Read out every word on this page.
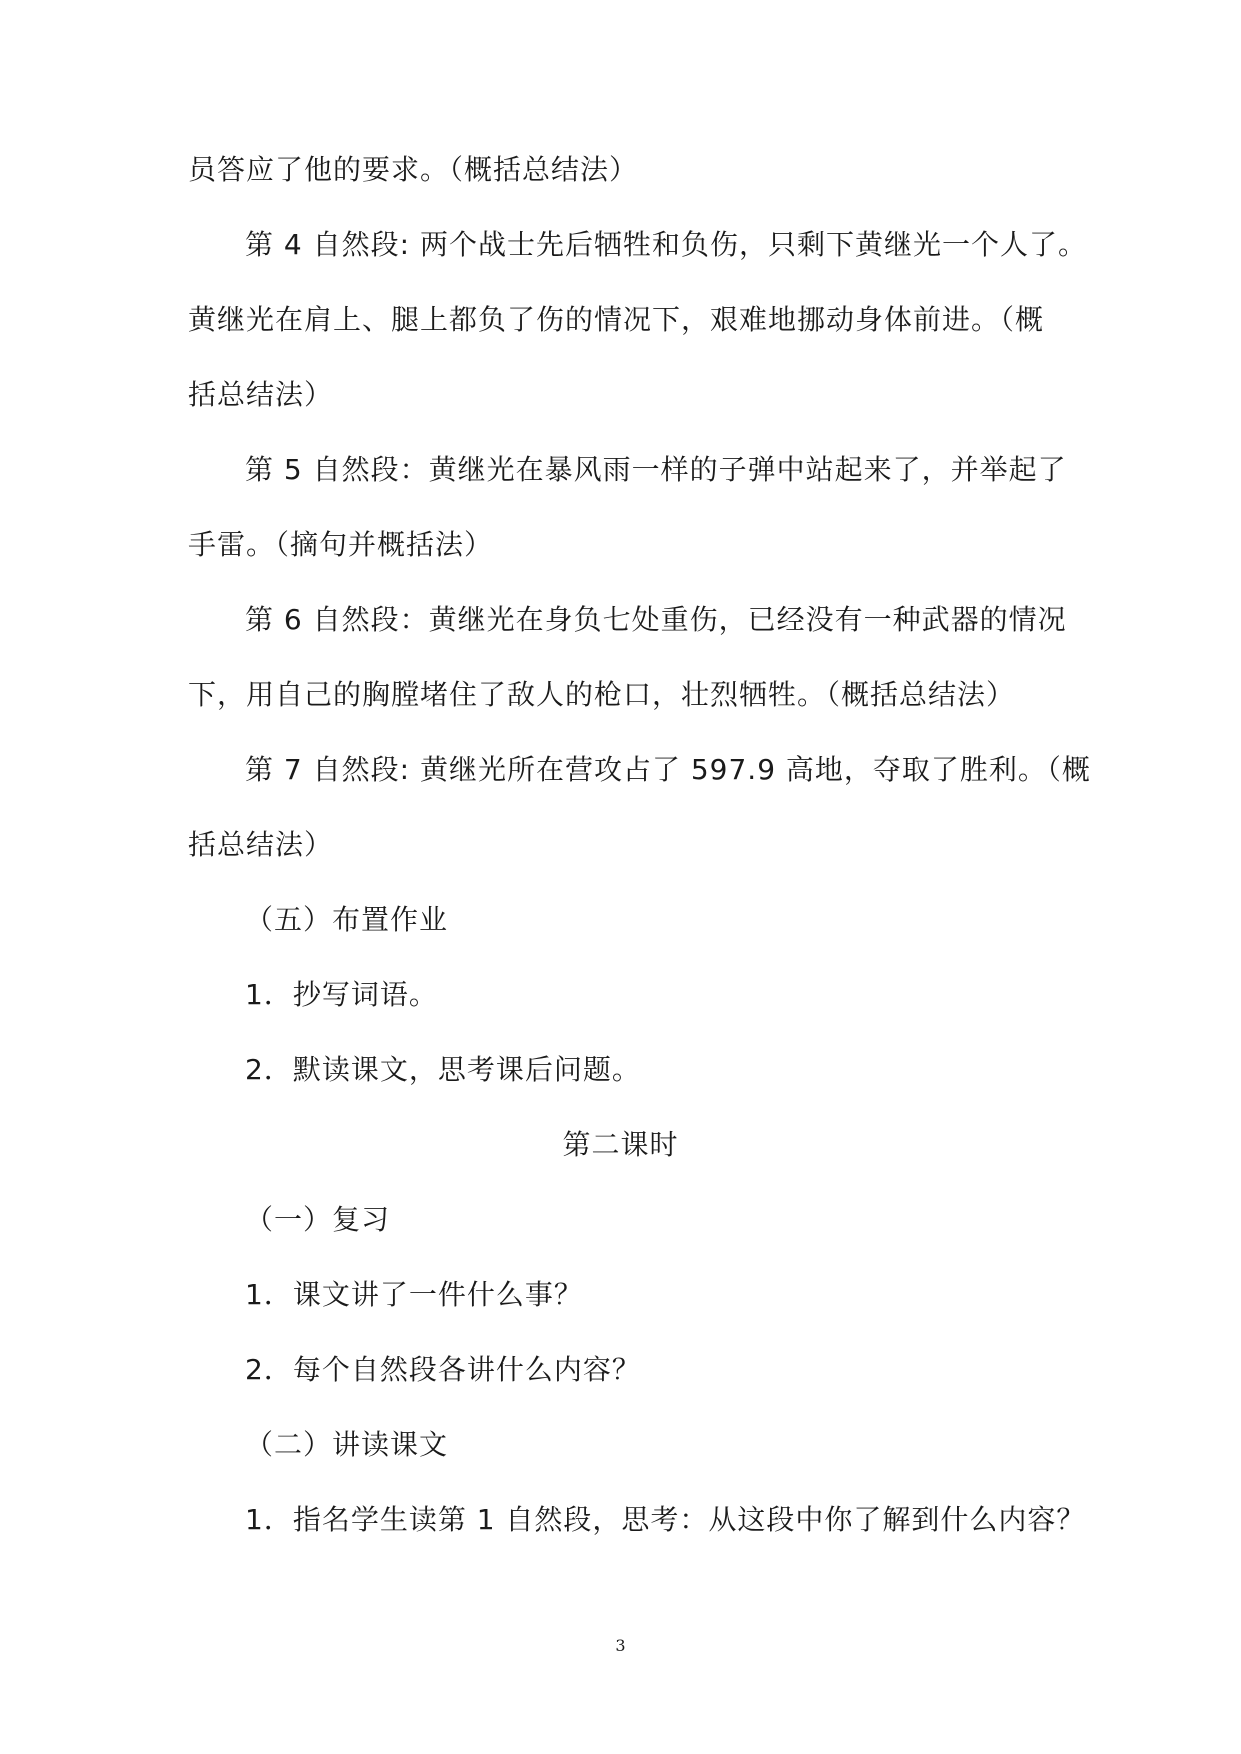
员答应了他的要求。（概括总结法）
第 4 自然段: 两个战士先后牺牲和负伤，只剩下黄继光一个人了。
黄继光在肩上、腿上都负了伤的情况下，艰难地挪动身体前进。（概
括总结法）
第 5 自然段：黄继光在暴风雨一样的子弹中站起来了，并举起了
手雷。（摘句并概括法）
第 6 自然段：黄继光在身负七处重伤，已经没有一种武器的情况
下，用自己的胸膛堵住了敌人的枪口，壮烈牺牲。（概括总结法）
第 7 自然段: 黄继光所在营攻占了 597.9 高地，夺取了胜利。（概
括总结法）
（五）布置作业
1．抄写词语。
2．默读课文，思考课后问题。
第二课时
（一）复习
1．课文讲了一件什么事？
2．每个自然段各讲什么内容？
（二）讲读课文
1．指名学生读第 1 自然段，思考：从这段中你了解到什么内容？
3
